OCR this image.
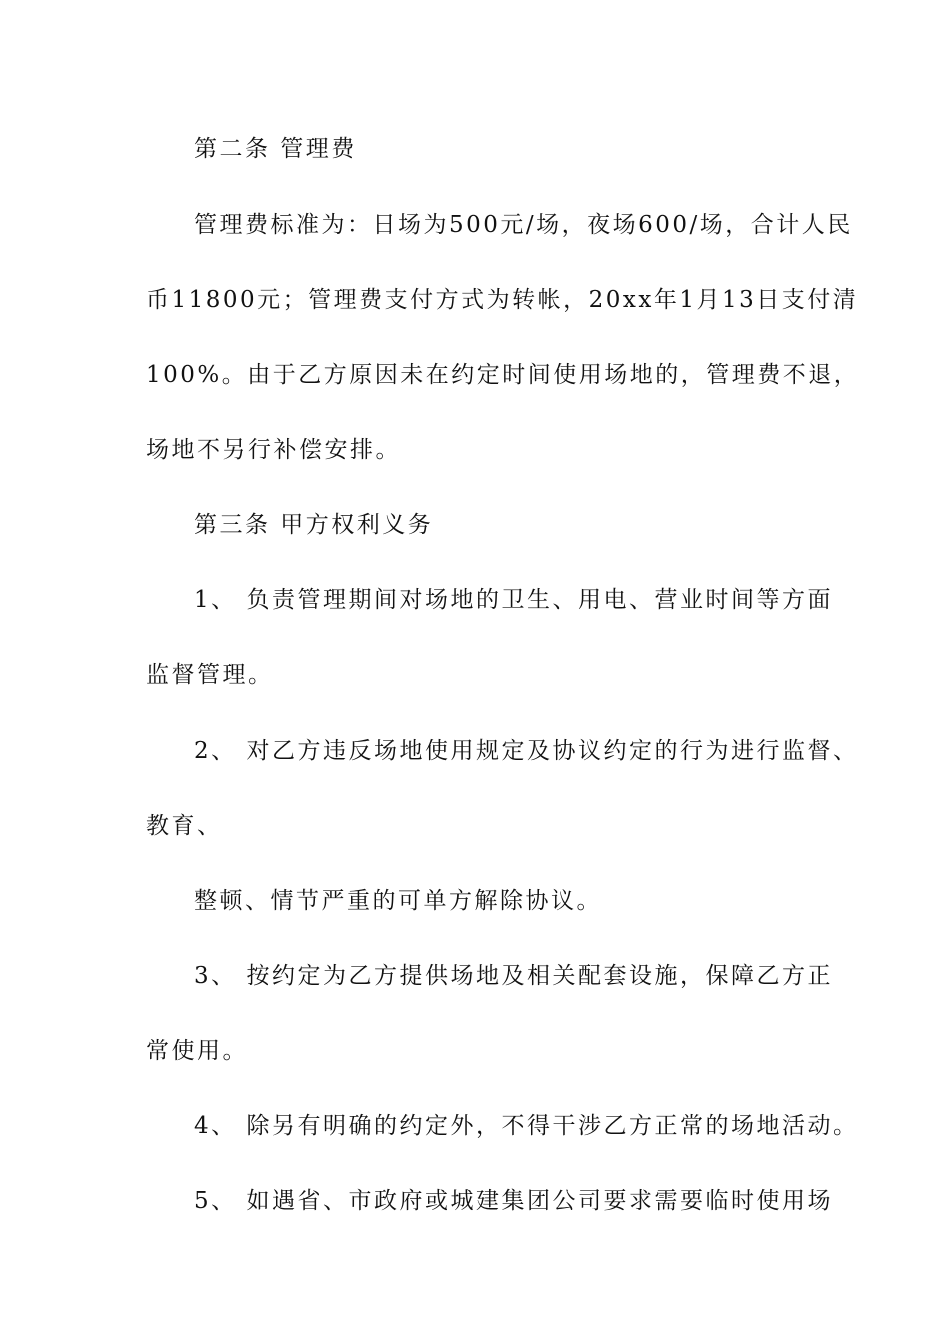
第二条 管理费

管理费标准为：日场为500元/场，夜场600/场，合计人民

币11800元；管理费支付方式为转帐，20xx年1月13日支付清

100%。由于乙方原因未在约定时间使用场地的，管理费不退，

场地不另行补偿安排。

第三条 甲方权利义务

1、 负责管理期间对场地的卫生、用电、营业时间等方面

监督管理。

2、 对乙方违反场地使用规定及协议约定的行为进行监督、

教育、

整顿、情节严重的可单方解除协议。

3、 按约定为乙方提供场地及相关配套设施，保障乙方正

常使用。

4、 除另有明确的约定外，不得干涉乙方正常的场地活动。

5、 如遇省、市政府或城建集团公司要求需要临时使用场
